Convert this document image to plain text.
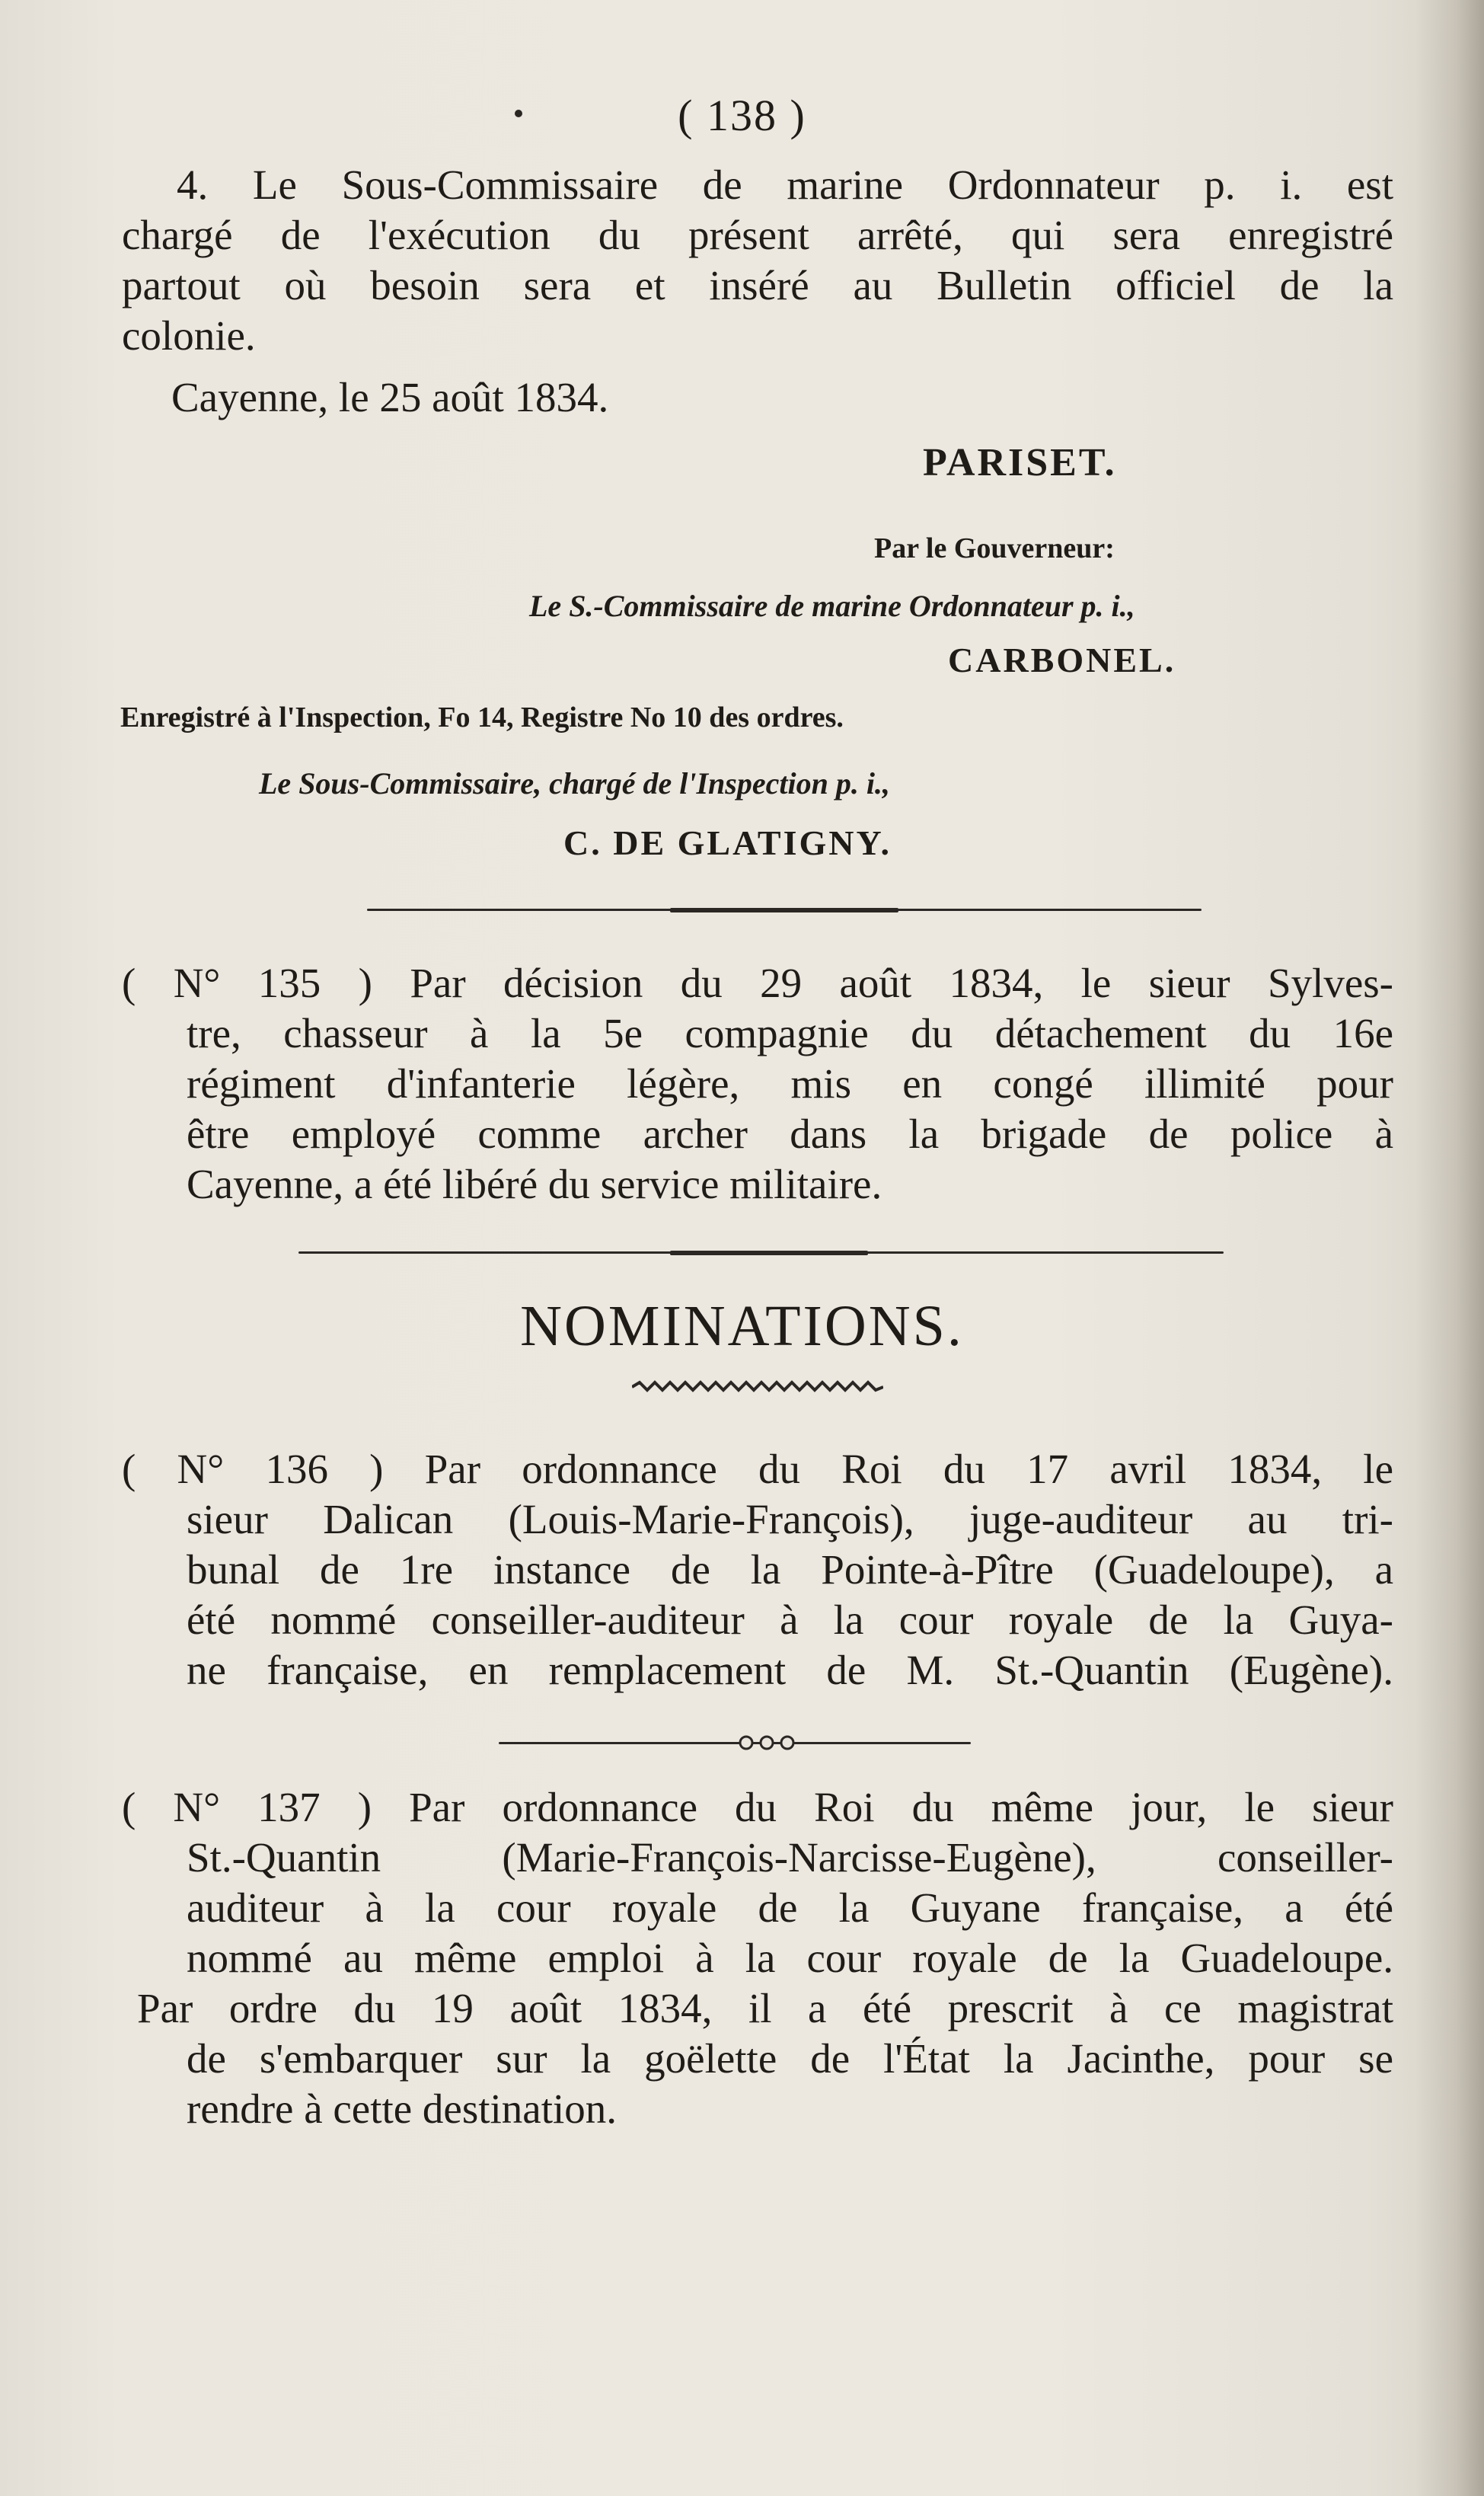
( 138 )
4. Le Sous-Commissaire de marine Ordonnateur p. i. est
chargé de l'exécution du présent arrêté, qui sera enregistré
partout où besoin sera et inséré au Bulletin officiel de la
colonie.
Cayenne, le 25 août 1834.
PARISET.
Par le Gouverneur:
Le S.-Commissaire de marine Ordonnateur p. i.,
CARBONEL.
Enregistré à l'Inspection, Fo 14, Registre No 10 des ordres.
Le Sous-Commissaire, chargé de l'Inspection p. i.,
C. DE GLATIGNY.
( N° 135 ) Par décision du 29 août 1834, le sieur Sylves-
tre, chasseur à la 5e compagnie du détachement du 16e
régiment d'infanterie légère, mis en congé illimité pour
être employé comme archer dans la brigade de police à
Cayenne, a été libéré du service militaire.
NOMINATIONS.
( N° 136 ) Par ordonnance du Roi du 17 avril 1834, le
sieur Dalican (Louis-Marie-François), juge-auditeur au tri-
bunal de 1re instance de la Pointe-à-Pître (Guadeloupe), a
été nommé conseiller-auditeur à la cour royale de la Guya-
ne française, en remplacement de M. St.-Quantin (Eugène).
( N° 137 ) Par ordonnance du Roi du même jour, le sieur
St.-Quantin (Marie-François-Narcisse-Eugène), conseiller-
auditeur à la cour royale de la Guyane française, a été
nommé au même emploi à la cour royale de la Guadeloupe.
Par ordre du 19 août 1834, il a été prescrit à ce magistrat
de s'embarquer sur la goëlette de l'État la Jacinthe, pour se
rendre à cette destination.
